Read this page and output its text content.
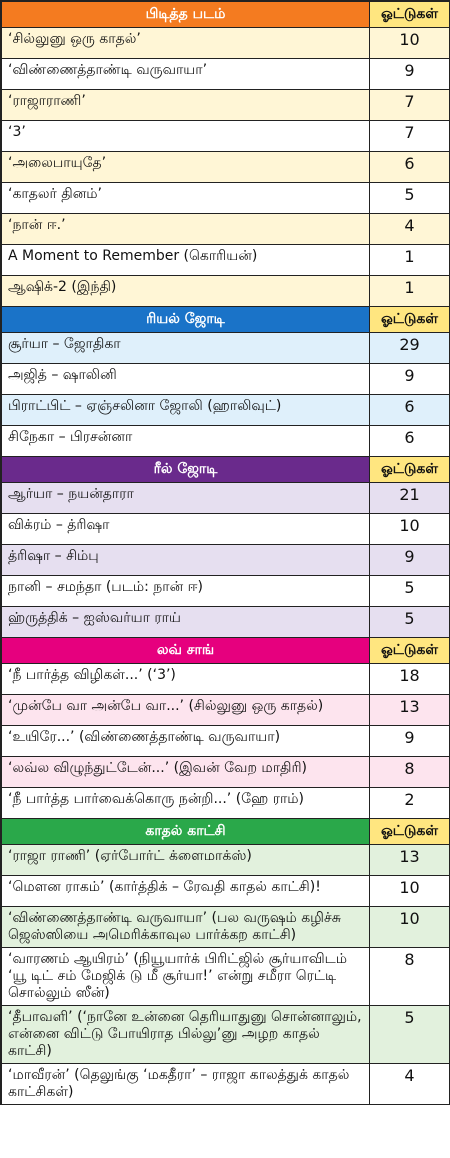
பிடித்த படம்	ஓட்டுகள்
‘சில்லுனு ஒரு காதல்’	10
‘விண்ணைத்தாண்டி வருவாயா’	9
‘ராஜாராணி’	7
‘3’	7
‘அலைபாயுதே’	6
‘காதலர் தினம்’	5
‘நான் ஈ.’	4
A Moment to Remember (கொரியன்)	1
ஆஷிக்-2 (இந்தி)	1
ரியல் ஜோடி	ஓட்டுகள்
சூர்யா – ஜோதிகா	29
அஜித் – ஷாலினி	9
பிராட்பிட் – ஏஞ்சலினா ஜோலி (ஹாலிவுட்)	6
சிநேகா – பிரசன்னா	6
ரீல் ஜோடி	ஓட்டுகள்
ஆர்யா – நயன்தாரா	21
விக்ரம் – த்ரிஷா	10
த்ரிஷா – சிம்பு	9
நானி – சமந்தா (படம்: நான் ஈ)	5
ஹ்ருத்திக் – ஐஸ்வர்யா ராய்	5
லவ் சாங்	ஓட்டுகள்
‘நீ பார்த்த விழிகள்...’ (‘3’)	18
‘முன்பே வா அன்பே வா...’ (சில்லுனு ஒரு காதல்)	13
‘உயிரே...’ (விண்ணைத்தாண்டி வருவாயா)	9
‘லவ்ல விழுந்துட்டேன்...’ (இவன் வேற மாதிரி)	8
‘நீ பார்த்த பார்வைக்கொரு நன்றி...’ (ஹே ராம்)	2
காதல் காட்சி	ஓட்டுகள்
‘ராஜா ராணி’ (ஏர்போர்ட் க்ளைமாக்ஸ்)	13
‘மௌன ராகம்’ (கார்த்திக் – ரேவதி காதல் காட்சி)!	10
‘விண்ணைத்தாண்டி வருவாயா’ (பல வருஷம் கழிச்சு ஜெஸ்ஸியை அமெரிக்காவுல பார்க்கற காட்சி)	10
‘வாரணம் ஆயிரம்’ (நியூயார்க் பிரிட்ஜில் சூர்யாவிடம் ‘யூ டிட் சம் மேஜிக் டு மீ சூர்யா!’ என்று சமீரா ரெட்டி சொல்லும் ஸீன்)	8
‘தீபாவளி’ (‘நானே உன்னை தெரியாதுனு சொன்னாலும், என்னை விட்டு போயிராத பில்லு’னு அழற காதல் காட்சி)	5
‘மாவீரன்’ (தெலுங்கு ‘மகதீரா’ – ராஜா காலத்துக் காதல் காட்சிகள்)	4
